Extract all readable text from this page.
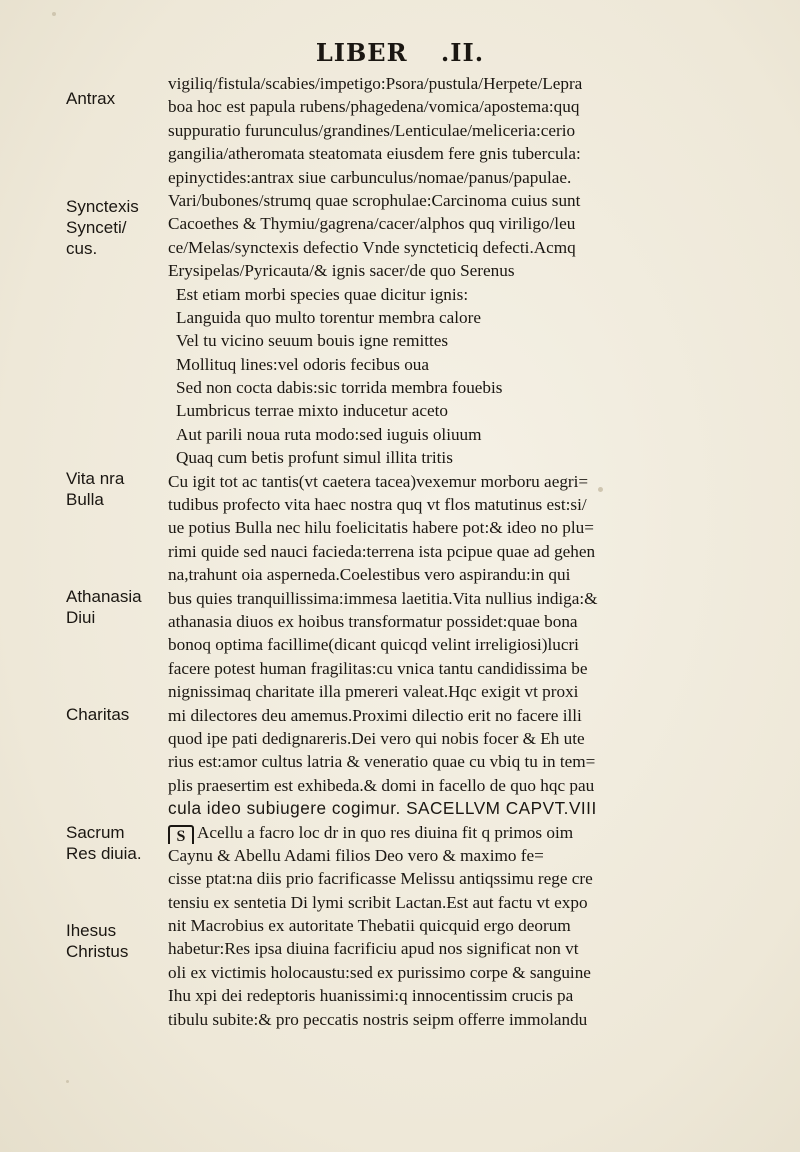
LIBER .II.
Antrax
Synctexis
Synceti/
cus.
Vita nra
Bulla
Athanasia
Diui
Charitas
Sacrum
Res diuia.
Ihesus
Christus
vigiliq/fistula/scabies/impetigo:Psora/pustula/Herpete/Lepra
boa hoc est papula rubens/phagedena/vomica/apostema:quq
suppuratio furunculus/grandines/Lenticulae/meliceria:cerio
gangilia/atheromata steatomata eiusdem fere gnis tubercula:
epinyctides:antrax siue carbunculus/nomae/panus/papulae.
Vari/bubones/strumq quae scrophulae:Carcinoma cuius sunt
Cacoethes & Thymiu/gagrena/cacer/alphos quq viriligo/leu
ce/Melas/synctexis defectio Vnde syncteticiq defecti.Acmq
Erysipelas/Pyricauta/& ignis sacer/de quo Serenus
Est etiam morbi species quae dicitur ignis:
Languida quo multo torentur membra calore
Vel tu vicino seuum bouis igne remittes
Mollituq lines:vel odoris fecibus oua
Sed non cocta dabis:sic torrida membra fouebis
Lumbricus terrae mixto inducetur aceto
Aut parili noua ruta modo:sed iuguis oliuum
Quaq cum betis profunt simul illita tritis
Cu igit tot ac tantis(vt caetera tacea)vexemur morboru aegri=
tudibus profecto vita haec nostra quq vt flos matutinus est:si/
ue potius Bulla nec hilu foelicitatis habere pot:& ideo no plu=
rimi quide sed nauci facieda:terrena ista pcipue quae ad gehen
na,trahunt oia asperneda.Coelestibus vero aspirandu:in qui
bus quies tranquillissima:immesa laetitia.Vita nullius indiga:&
athanasia diuos ex hoibus transformatur possidet:quae bona
bonoq optima facillime(dicant quicqd velint irreligiosi)lucri
facere potest human fragilitas:cu vnica tantu candidissima be
nignissimaq charitate illa pmereri valeat.Hqc exigit vt proxi
mi dilectores deu amemus.Proximi dilectio erit no facere illi
quod ipe pati dedignareris.Dei vero qui nobis focer & Eh ute
rius est:amor cultus latria & veneratio quae cu vbiq tu in tem=
plis praesertim est exhibeda.& domi in facello de quo hqc pau
cula ideo subiugere cogimur. SACELLVM CAPVT.VIII
S Acellu a facro loc dr in quo res diuina fit q primos oim
Caynu & Abellu Adami filios Deo vero & maximo fe=
cisse ptat:na diis prio facrificasse Melissu antiqssimu rege cre
tensiu ex sentetia Di lymi scribit Lactan.Est aut factu vt expo
nit Macrobius ex autoritate Thebatii quicquid ergo deorum
habetur:Res ipsa diuina facrificiu apud nos significat non vt
oli ex victimis holocaustu:sed ex purissimo corpe & sanguine
Ihu xpi dei redeptoris huanissimi:q innocentissim crucis pa
tibulu subite:& pro peccatis nostris seipm offerre immolandu
